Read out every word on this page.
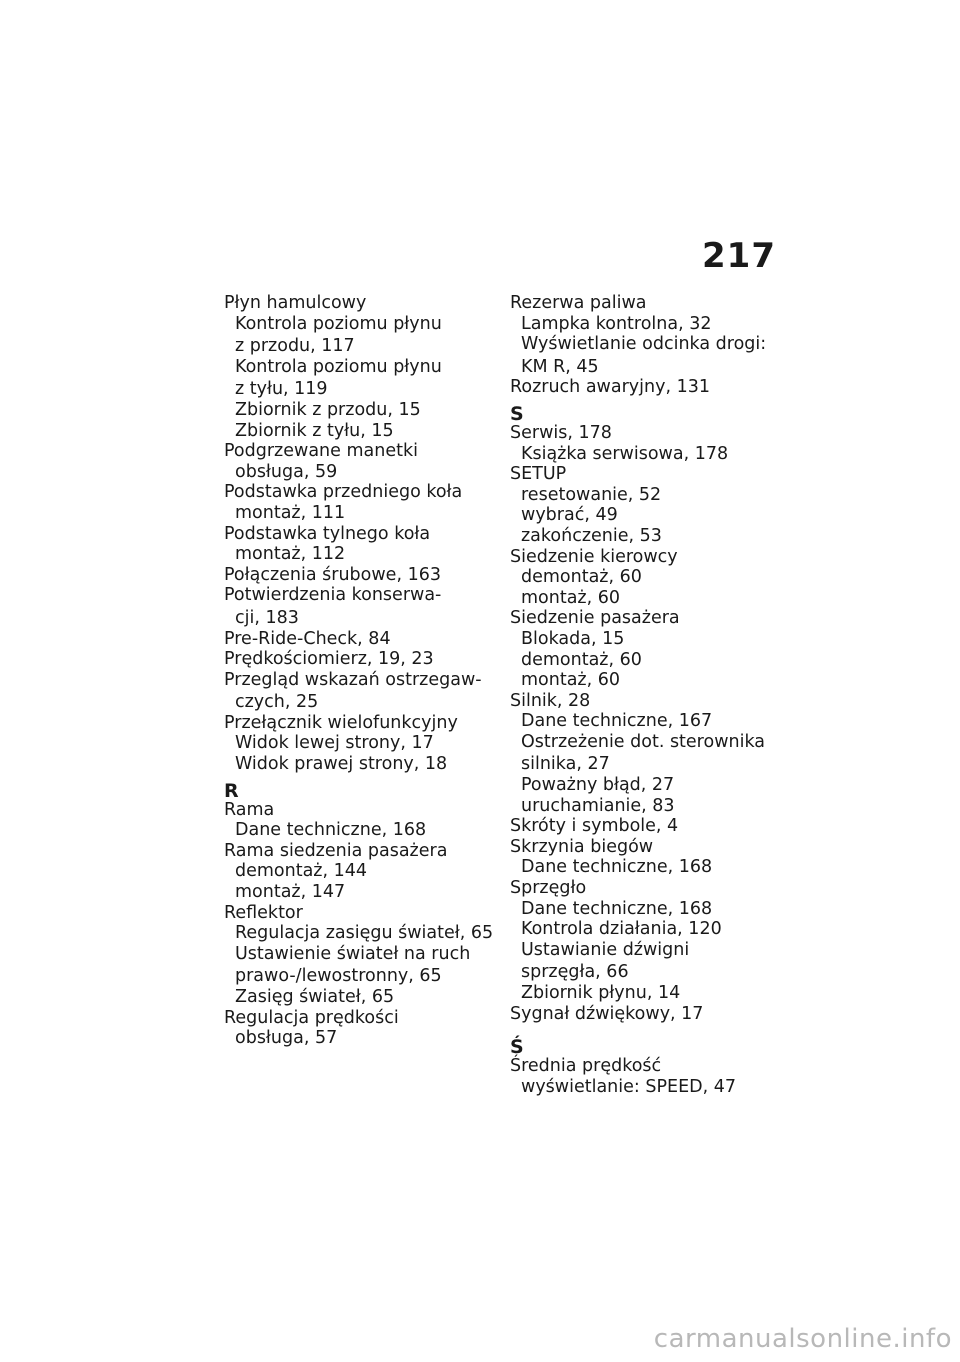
217
Płyn hamulcowy
Kontrola poziomu płynu
z przodu, 117
Kontrola poziomu płynu
z tyłu, 119
Zbiornik z przodu, 15
Zbiornik z tyłu, 15
Podgrzewane manetki
obsługa, 59
Podstawka przedniego koła
montaż, 111
Podstawka tylnego koła
montaż, 112
Połączenia śrubowe, 163
Potwierdzenia konserwa-
cji, 183
Pre-Ride-Check, 84
Prędkościomierz, 19, 23
Przegląd wskazań ostrzegaw-
czych, 25
Przełącznik wielofunkcyjny
Widok lewej strony, 17
Widok prawej strony, 18
R
Rama
Dane techniczne, 168
Rama siedzenia pasażera
demontaż, 144
montaż, 147
Reflektor
Regulacja zasięgu świateł, 65
Ustawienie świateł na ruch
prawo-/lewostronny, 65
Zasięg świateł, 65
Regulacja prędkości
obsługa, 57
Rezerwa paliwa
Lampka kontrolna, 32
Wyświetlanie odcinka drogi:
KM R, 45
Rozruch awaryjny, 131
S
Serwis, 178
Książka serwisowa, 178
SETUP
resetowanie, 52
wybrać, 49
zakończenie, 53
Siedzenie kierowcy
demontaż, 60
montaż, 60
Siedzenie pasażera
Blokada, 15
demontaż, 60
montaż, 60
Silnik, 28
Dane techniczne, 167
Ostrzeżenie dot. sterownika
silnika, 27
Poważny błąd, 27
uruchamianie, 83
Skróty i symbole, 4
Skrzynia biegów
Dane techniczne, 168
Sprzęgło
Dane techniczne, 168
Kontrola działania, 120
Ustawianie dźwigni
sprzęgła, 66
Zbiornik płynu, 14
Sygnał dźwiękowy, 17
Ś
Średnia prędkość
wyświetlanie: SPEED, 47
carmanualsonline.info
